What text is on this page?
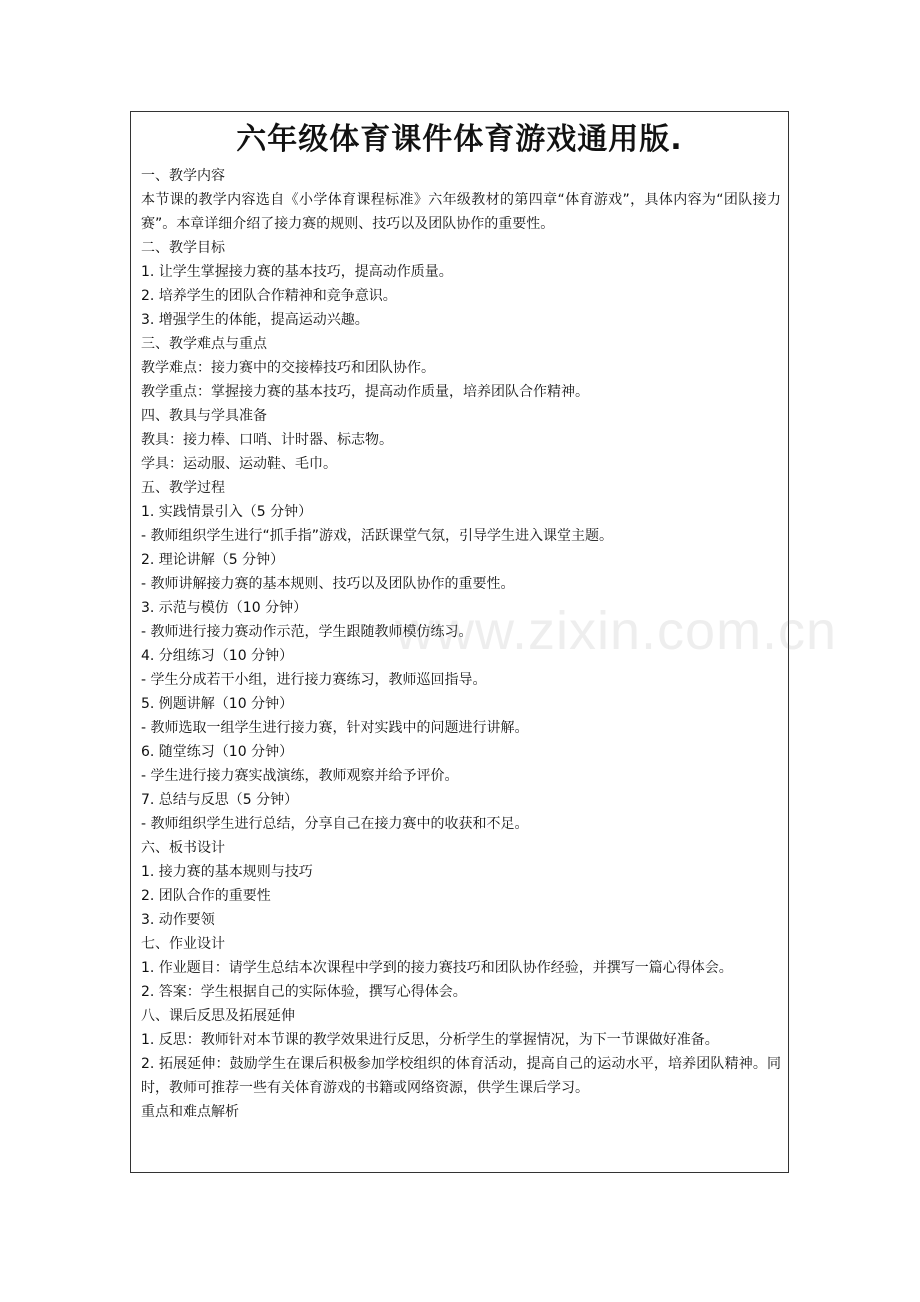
六年级体育课件体育游戏通用版.
一、教学内容
本节课的教学内容选自《小学体育课程标准》六年级教材的第四章“体育游戏”，具体内容为“团队接力赛”。本章详细介绍了接力赛的规则、技巧以及团队协作的重要性。
二、教学目标
1. 让学生掌握接力赛的基本技巧，提高动作质量。
2. 培养学生的团队合作精神和竞争意识。
3. 增强学生的体能，提高运动兴趣。
三、教学难点与重点
教学难点：接力赛中的交接棒技巧和团队协作。
教学重点：掌握接力赛的基本技巧，提高动作质量，培养团队合作精神。
四、教具与学具准备
教具：接力棒、口哨、计时器、标志物。
学具：运动服、运动鞋、毛巾。
五、教学过程
1. 实践情景引入（5 分钟）
- 教师组织学生进行“抓手指”游戏，活跃课堂气氛，引导学生进入课堂主题。
2. 理论讲解（5 分钟）
- 教师讲解接力赛的基本规则、技巧以及团队协作的重要性。
3. 示范与模仿（10 分钟）
- 教师进行接力赛动作示范，学生跟随教师模仿练习。
4. 分组练习（10 分钟）
- 学生分成若干小组，进行接力赛练习，教师巡回指导。
5. 例题讲解（10 分钟）
- 教师选取一组学生进行接力赛，针对实践中的问题进行讲解。
6. 随堂练习（10 分钟）
- 学生进行接力赛实战演练，教师观察并给予评价。
7. 总结与反思（5 分钟）
- 教师组织学生进行总结，分享自己在接力赛中的收获和不足。
六、板书设计
1. 接力赛的基本规则与技巧
2. 团队合作的重要性
3. 动作要领
七、作业设计
1. 作业题目：请学生总结本次课程中学到的接力赛技巧和团队协作经验，并撰写一篇心得体会。
2. 答案：学生根据自己的实际体验，撰写心得体会。
八、课后反思及拓展延伸
1. 反思：教师针对本节课的教学效果进行反思，分析学生的掌握情况，为下一节课做好准备。
2. 拓展延伸：鼓励学生在课后积极参加学校组织的体育活动，提高自己的运动水平，培养团队精神。同时，教师可推荐一些有关体育游戏的书籍或网络资源，供学生课后学习。
重点和难点解析
www.zixin.com.cn
